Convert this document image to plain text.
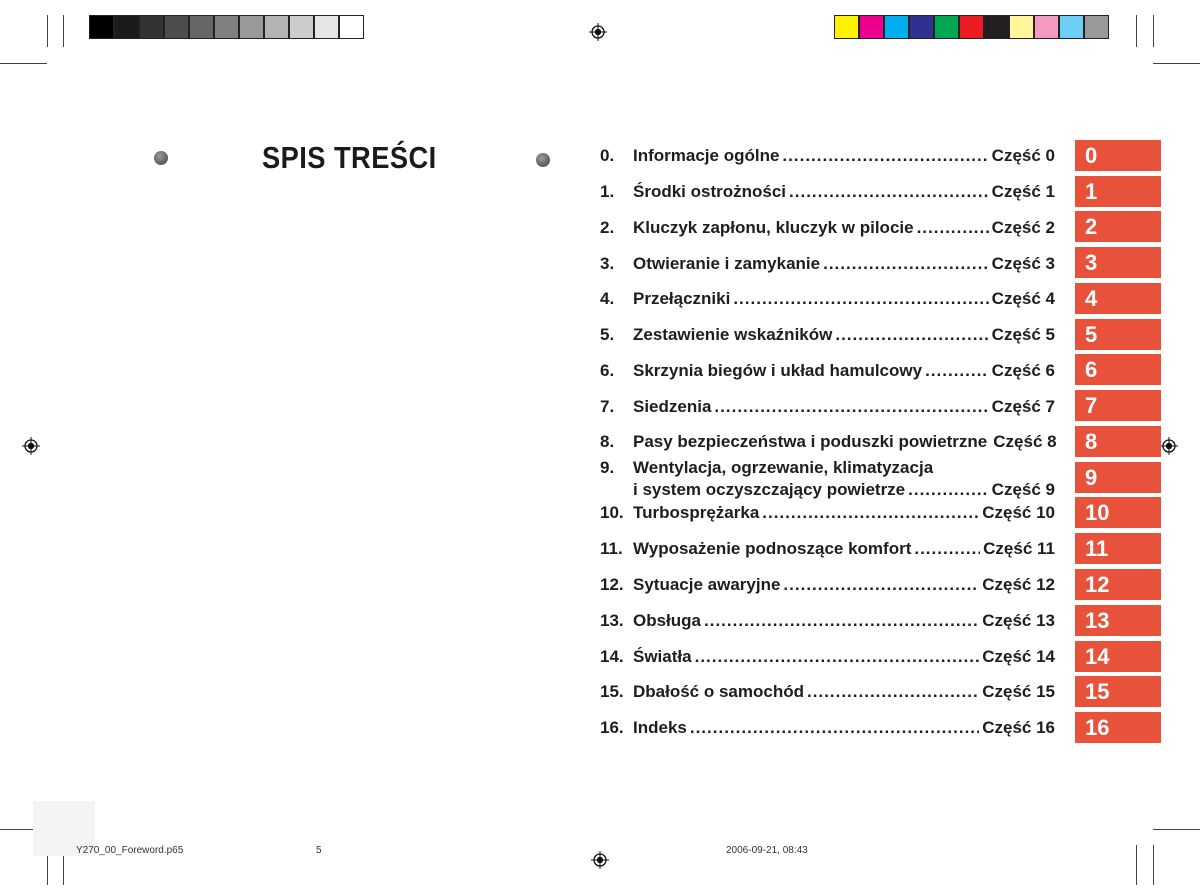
SPIS TREŚCI	0.	Informacje ogólne .....	Część 0	0
1.	Środki ostrożności .....	Część 1	1
2.	Kluczyk zapłonu, kluczyk w pilocie .....	Część 2	2
3.	Otwieranie i zamykanie .....	Część 3	3
4.	Przełączniki .....	Część 4	4
5.	Zestawienie wskaźników .....	Część 5	5
6.	Skrzynia biegów i układ hamulcowy .....	Część 6	6
7.	Siedzenia .....	Część 7	7
8.	Pasy bezpieczeństwa i poduszki powietrzne Część 8	8
9.	Wentylacja, ogrzewanie, klimatyzacja
i system oczyszczający powietrze .....	Część 9	9
10. Turbosprężarka .....	Część 10	10
11. Wyposażenie podnoszące komfort .....	Część 11	11
12. Sytuacje awaryjne .....	Część 12	12
13. Obsługa .....	Część 13	13
14. Światła .....	Część 14	14
15. Dbałość o samochód .....	Część 15	15
16. Indeks .....	Część 16	16
Y270_00_Foreword.p65	5	2006-09-21, 08:43
